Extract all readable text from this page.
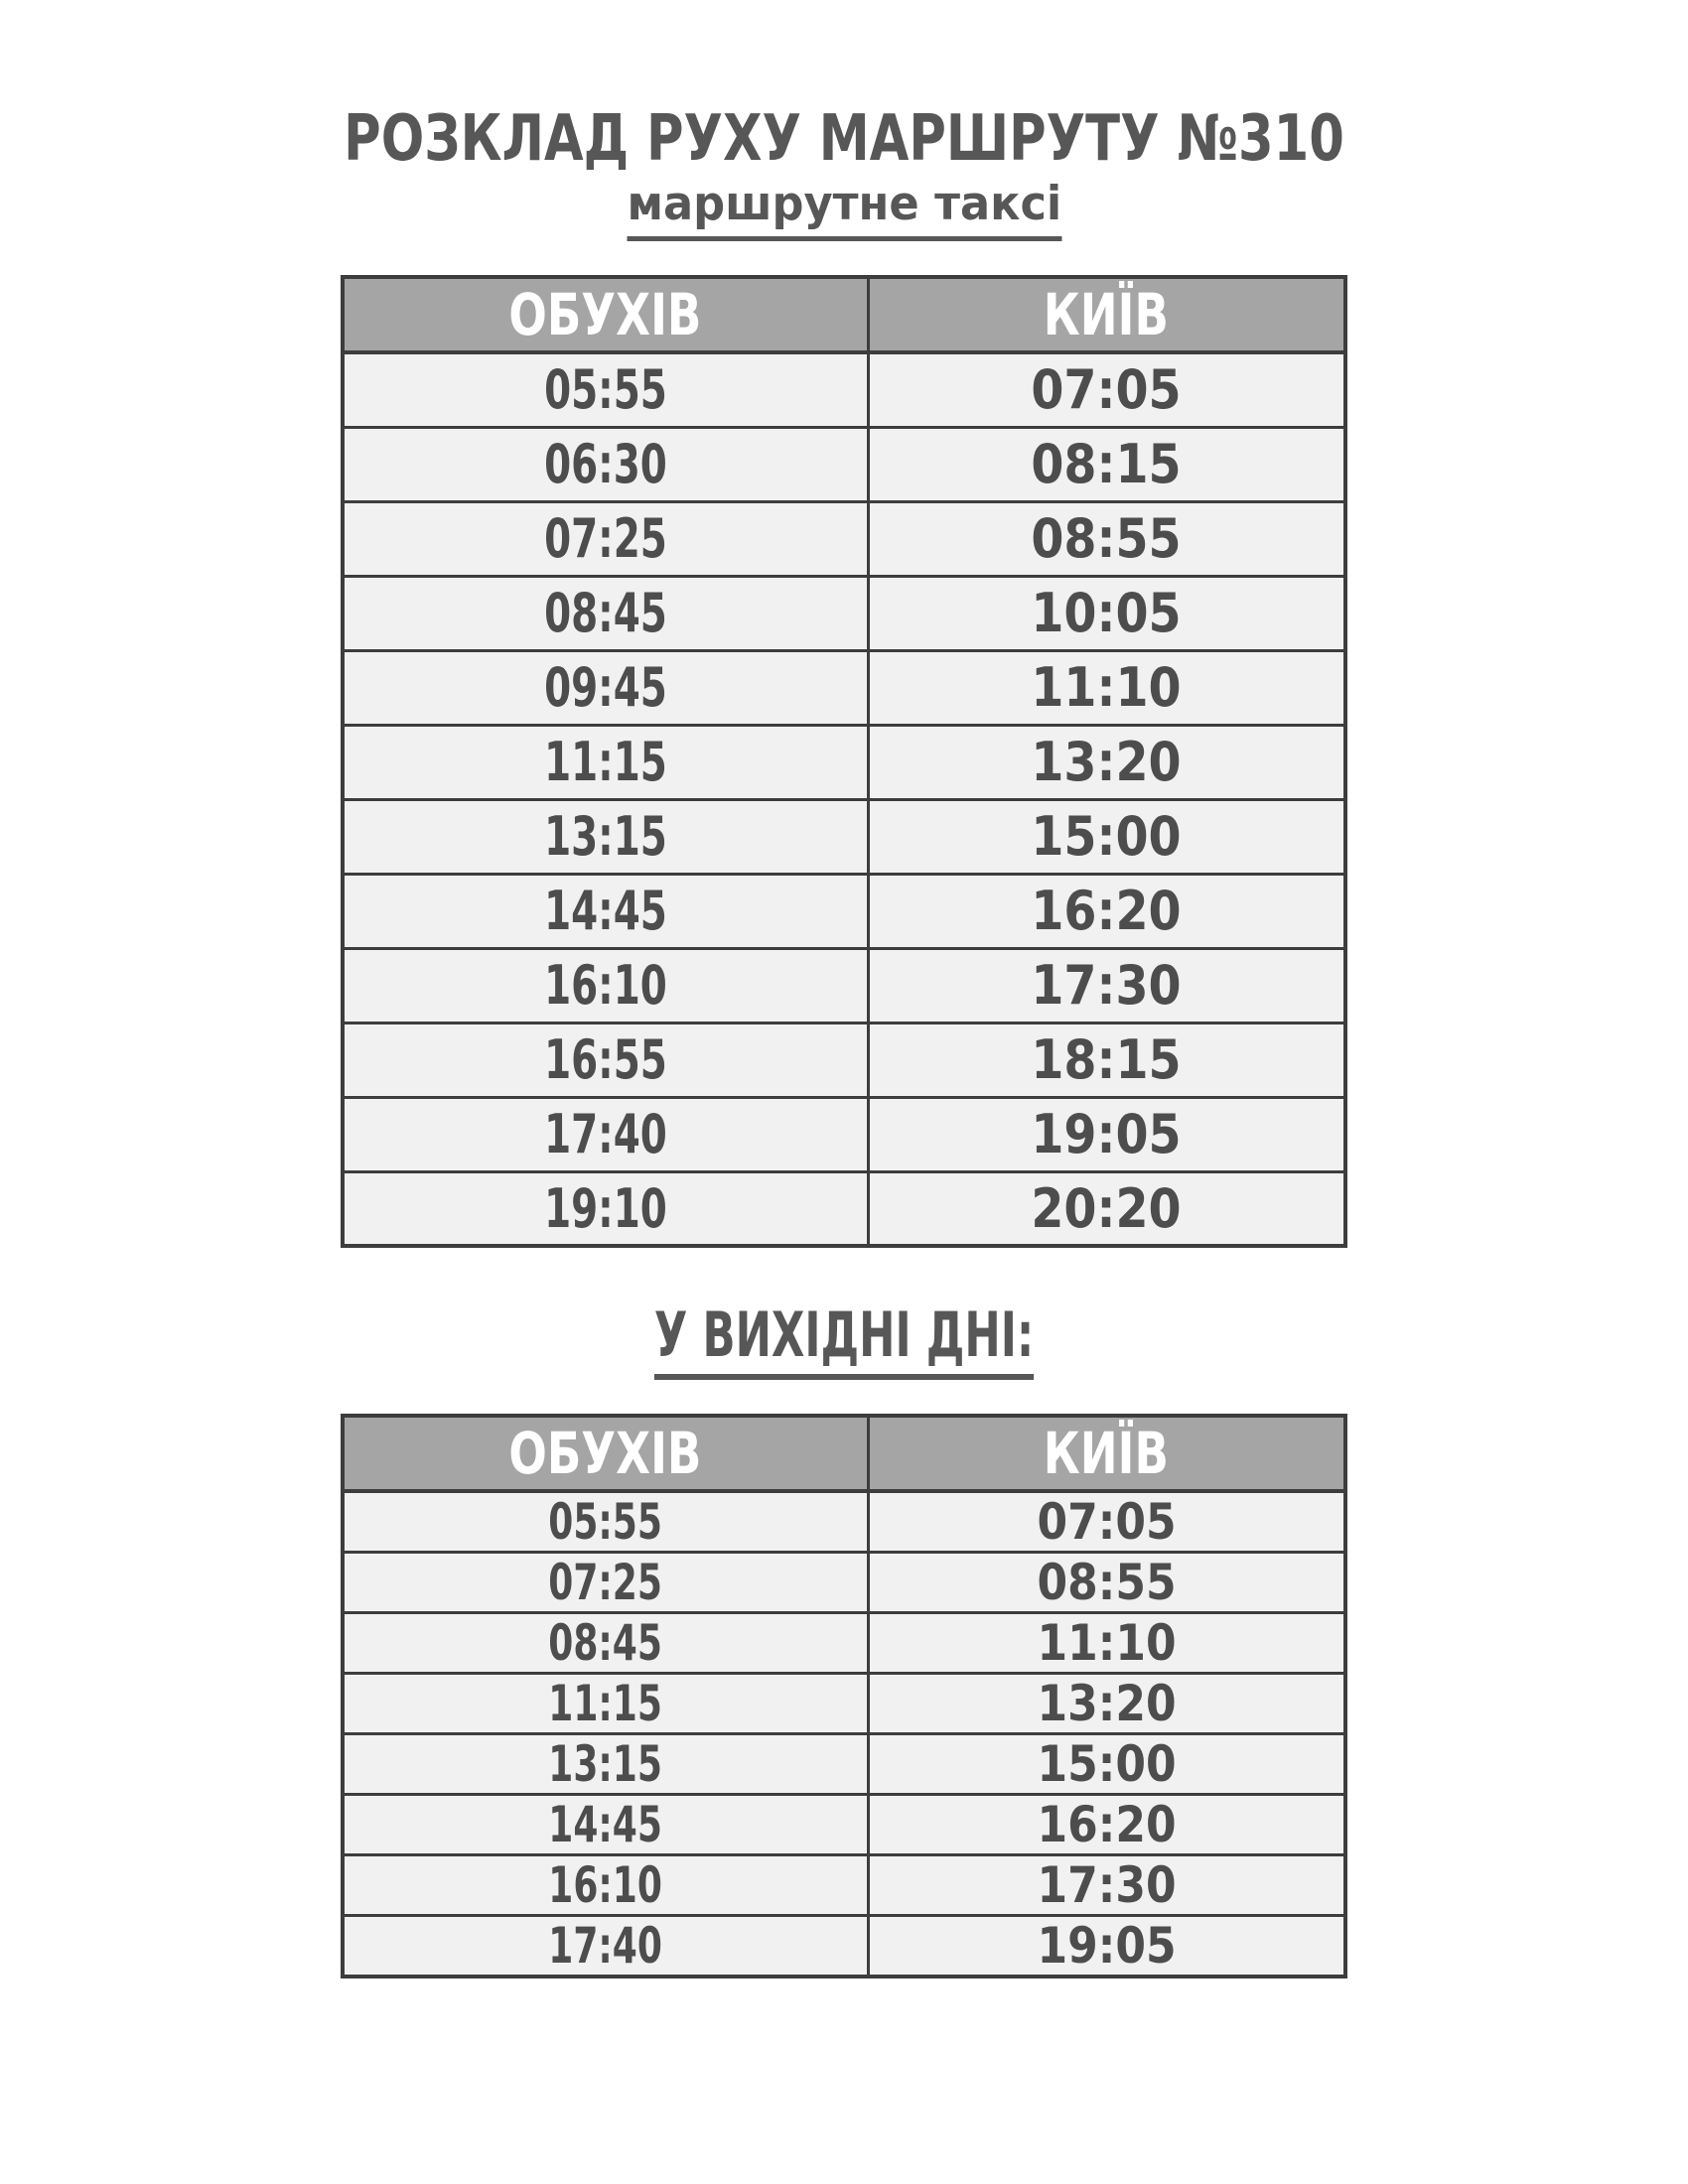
РОЗКЛАД РУХУ МАРШРУТУ №310
маршрутне таксі
ОБУХІВ	КИЇВ
05:55	07:05
06:30	08:15
07:25	08:55
08:45	10:05
09:45	11:10
11:15	13:20
13:15	15:00
14:45	16:20
16:10	17:30
16:55	18:15
17:40	19:05
19:10	20:20
У ВИХІДНІ ДНІ:
ОБУХІВ	КИЇВ
05:55	07:05
07:25	08:55
08:45	11:10
11:15	13:20
13:15	15:00
14:45	16:20
16:10	17:30
17:40	19:05
